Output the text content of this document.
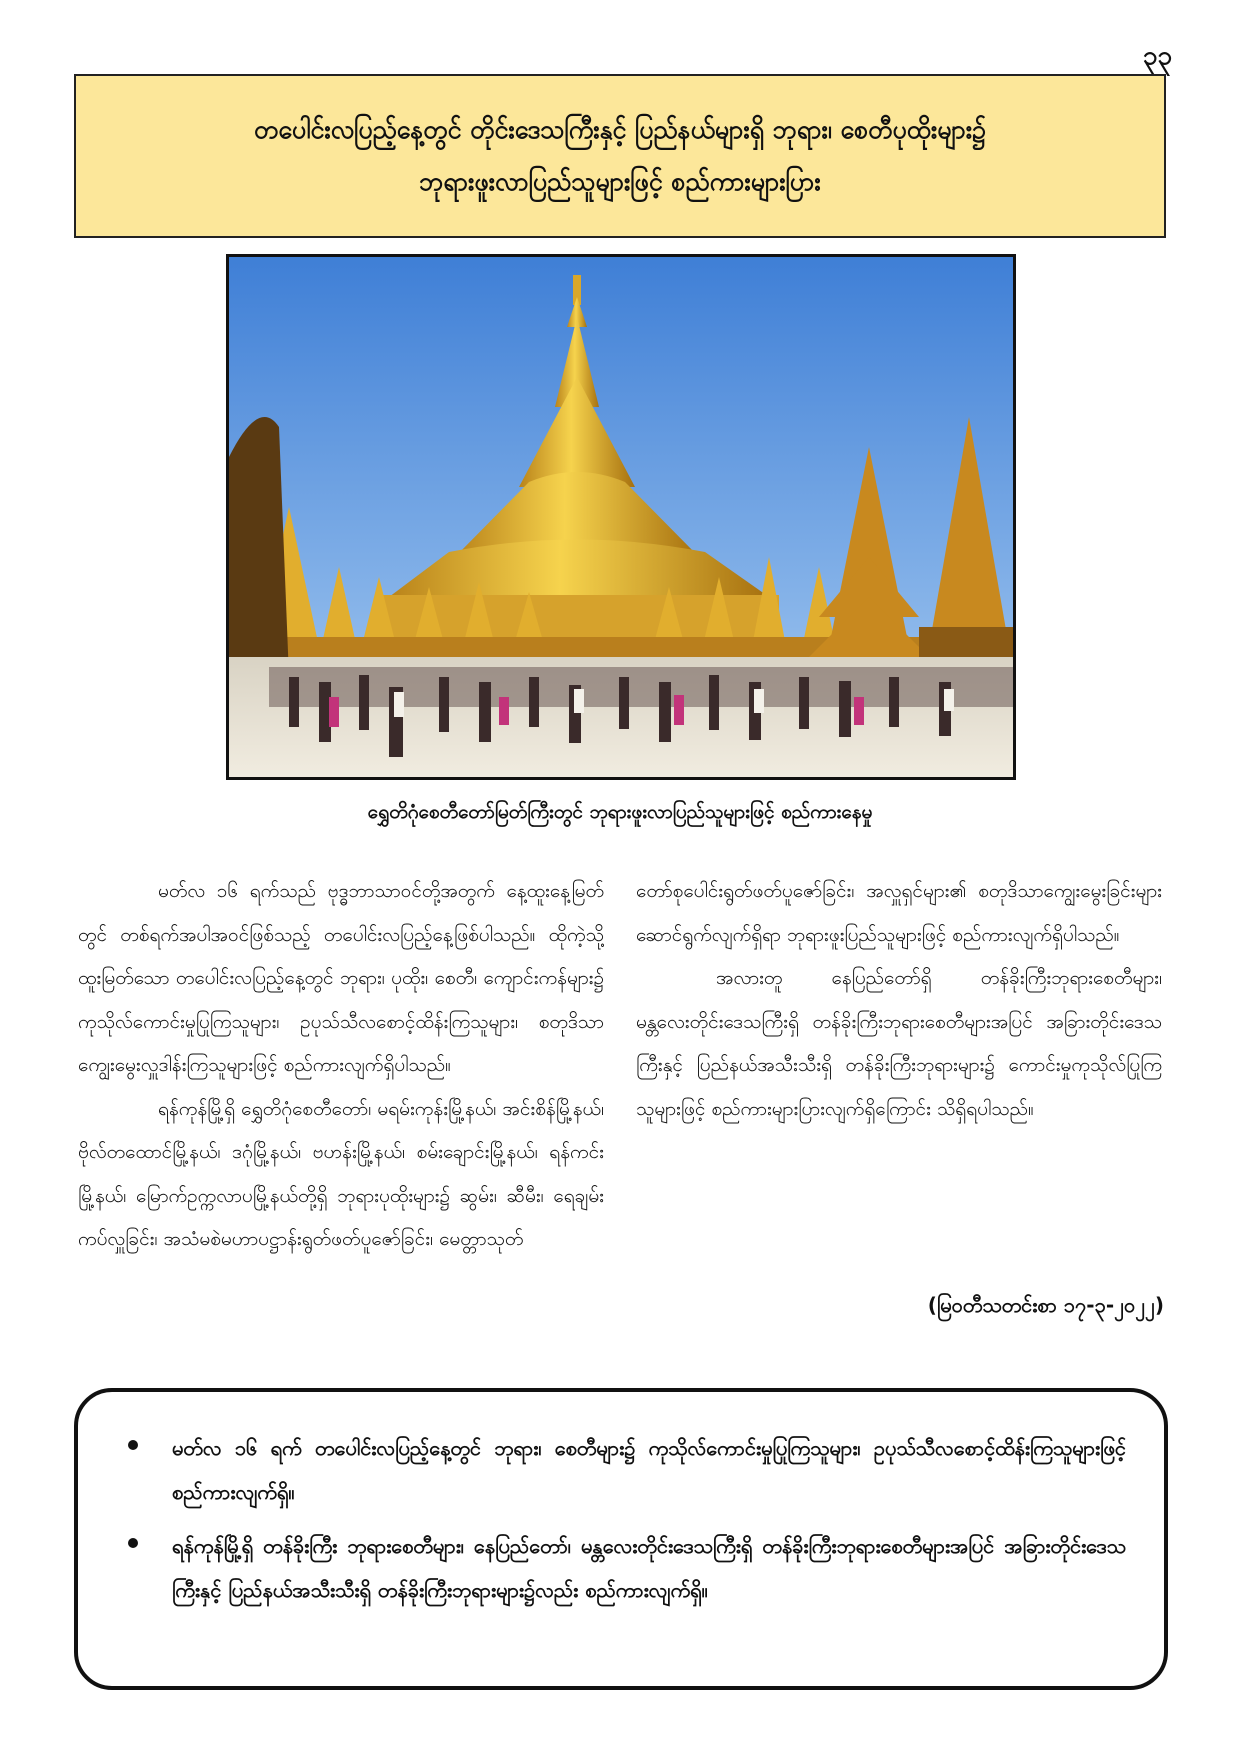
၃၃
တပေါင်းလပြည့်နေ့တွင် တိုင်းဒေသကြီးနှင့် ပြည်နယ်များရှိ ဘုရား၊ စေတီပုထိုးများ၌
ဘုရားဖူးလာပြည်သူများဖြင့် စည်ကားများပြား
ရွှေတိဂုံစေတီတော်မြတ်ကြီးတွင် ဘုရားဖူးလာပြည်သူများဖြင့် စည်ကားနေမှု

မတ်လ ၁၆ ရက်သည် ဗုဒ္ဓဘာသာဝင်တို့အတွက် နေ့ထူးနေ့မြတ်တွင် တစ်ရက်အပါအဝင်ဖြစ်သည့် တပေါင်းလပြည့်နေ့ဖြစ်ပါသည်။ ထိုကဲ့သို့ ထူးမြတ်သော တပေါင်းလပြည့်နေ့တွင် ဘုရား၊ ပုထိုး၊ စေတီ၊ ကျောင်းကန်များ၌ ကုသိုလ်ကောင်းမှုပြုကြသူများ၊ ဥပုသ်သီလစောင့်ထိန်းကြသူများ၊ စတုဒိသာကျွေးမွေးလှူဒါန်းကြသူများဖြင့် စည်ကားလျက်ရှိပါသည်။

ရန်ကုန်မြို့ရှိ ရွှေတိဂုံစေတီတော်၊ မရမ်းကုန်းမြို့နယ်၊ အင်းစိန်မြို့နယ်၊ ဗိုလ်တထောင်မြို့နယ်၊ ဒဂုံမြို့နယ်၊ ဗဟန်းမြို့နယ်၊ စမ်းချောင်းမြို့နယ်၊ ရန်ကင်းမြို့နယ်၊ မြောက်ဥက္ကလာပမြို့နယ်တို့ရှိ ဘုရားပုထိုးများ၌ ဆွမ်း၊ ဆီမီး၊ ရေချမ်းကပ်လှူခြင်း၊ အသံမစဲမဟာပဋ္ဌာန်းရွတ်ဖတ်ပူဇော်ခြင်း၊ မေတ္တာသုတ်

တော်စုပေါင်းရွတ်ဖတ်ပူဇော်ခြင်း၊ အလှူရှင်များ၏ စတုဒိသာကျွေးမွေးခြင်းများ ဆောင်ရွက်လျက်ရှိရာ ဘုရားဖူးပြည်သူများဖြင့် စည်ကားလျက်ရှိပါသည်။

အလားတူ နေပြည်တော်ရှိ တန်ခိုးကြီးဘုရားစေတီများ၊ မန္တလေးတိုင်းဒေသကြီးရှိ တန်ခိုးကြီးဘုရားစေတီများအပြင် အခြားတိုင်းဒေသကြီးနှင့် ပြည်နယ်အသီးသီးရှိ တန်ခိုးကြီးဘုရားများ၌ ကောင်းမှုကုသိုလ်ပြုကြသူများဖြင့် စည်ကားများပြားလျက်ရှိကြောင်း သိရှိရပါသည်။

(မြဝတီသတင်းစာ ၁၇-၃-၂၀၂၂)
မတ်လ ၁၆ ရက် တပေါင်းလပြည့်နေ့တွင် ဘုရား၊ စေတီများ၌ ကုသိုလ်ကောင်းမှုပြုကြသူများ၊ ဥပုသ်သီလစောင့်ထိန်းကြသူများဖြင့် စည်ကားလျက်ရှိ။
ရန်ကုန်မြို့ရှိ တန်ခိုးကြီး ဘုရားစေတီများ၊ နေပြည်တော်၊ မန္တလေးတိုင်းဒေသကြီးရှိ တန်ခိုးကြီးဘုရားစေတီများအပြင် အခြားတိုင်းဒေသကြီးနှင့် ပြည်နယ်အသီးသီးရှိ တန်ခိုးကြီးဘုရားများ၌လည်း စည်ကားလျက်ရှိ။
